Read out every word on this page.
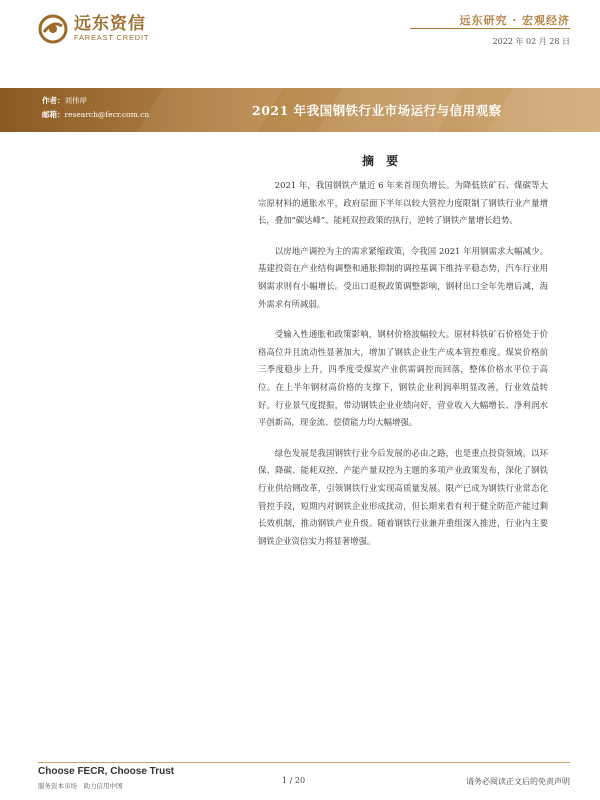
远东资信
FAREAST CREDIT
远东研究 · 宏观经济
2022 年 02 月 28 日
作者：刘伟岸
邮箱：research@fecr.com.cn	2021 年我国钢铁行业市场运行与信用观察
摘 要

2021 年，我国钢铁产量近 6 年来首现负增长。为降低铁矿石、煤碳等大宗原材料的通胀水平，政府层面下半年以较大管控力度限制了钢铁行业产量增长，叠加“碳达峰”、能耗双控政策的执行，逆转了钢铁产量增长趋势。

以房地产调控为主的需求紧缩政策，令我国 2021 年用钢需求大幅减少。基建投资在产业结构调整和通胀抑制的调控基调下维持平稳态势，汽车行业用钢需求则有小幅增长。受出口退税政策调整影响，钢材出口全年先增后减，海外需求有所减弱。

受输入性通胀和政策影响，钢材价格波幅较大。原材料铁矿石价格处于价格高位并且流动性显著加大，增加了钢铁企业生产成本管控难度。煤炭价格前三季度稳步上升，四季度受煤炭产业供需调控而回落，整体价格水平位于高位。在上半年钢材高价格的支撑下，钢铁企业利润率明显改善，行业效益转好。行业景气度提振，带动钢铁企业业绩向好，营业收入大幅增长、净利润水平创新高，现金流、偿债能力均大幅增强。

绿色发展是我国钢铁行业今后发展的必由之路，也是重点投资领域。以环保、降碳、能耗双控、产能产量双控为主题的多项产业政策发布，深化了钢铁行业供给侧改革，引领钢铁行业实现高质量发展。限产已成为钢铁行业常态化管控手段，短期内对钢铁企业形成扰动，但长期来看有利于健全防范产能过剩长效机制，推动钢铁产业升级。随着钢铁行业兼并重组深入推进，行业内主要钢铁企业资信实力将显著增强。

Choose FECR, Choose Trust
服务资本市场　助力信用中国
1 / 20	请务必阅读正文后的免责声明
